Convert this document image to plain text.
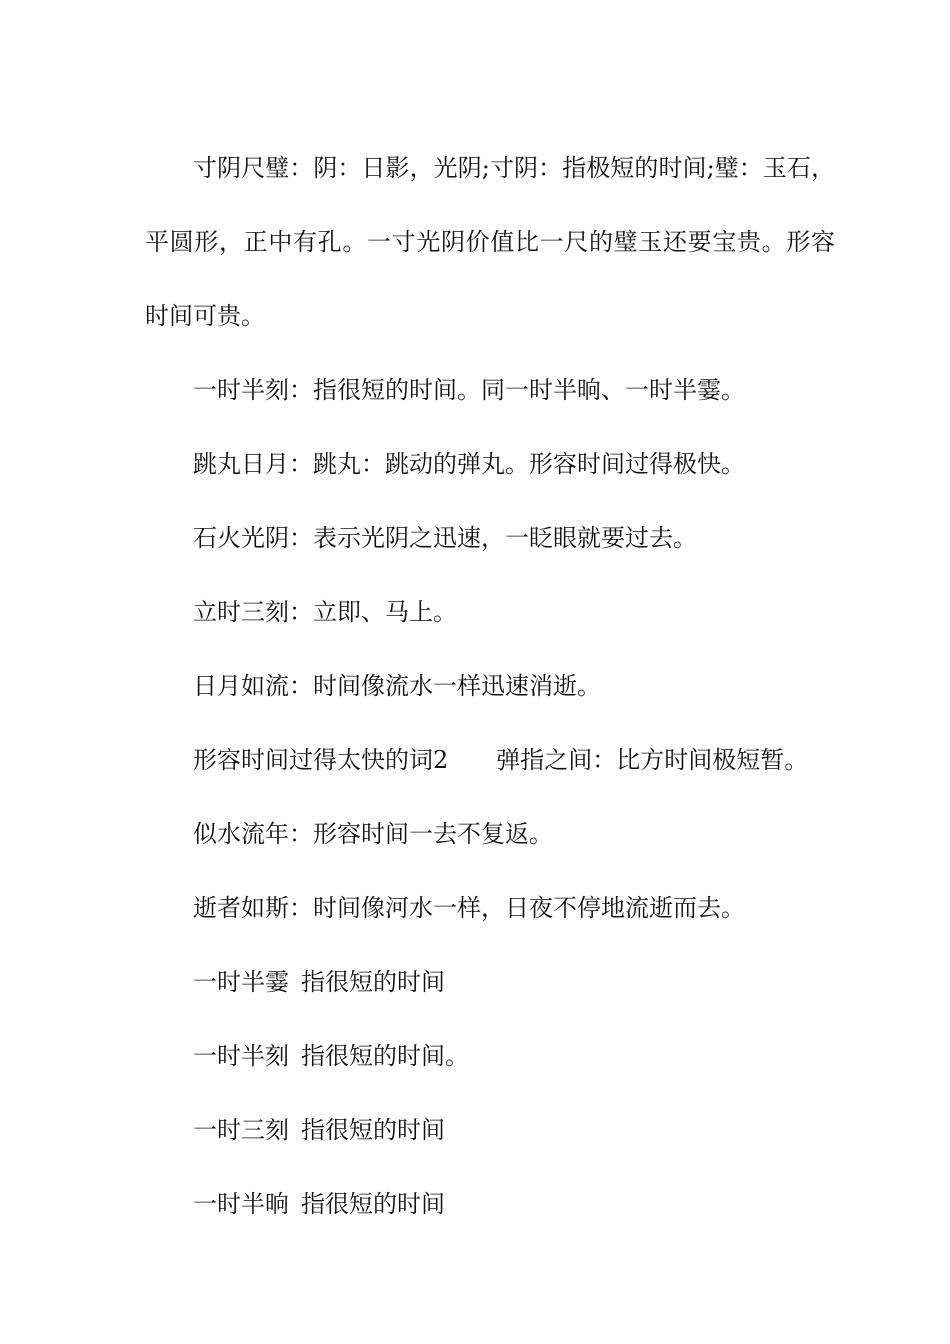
寸阴尺璧：阴：日影，光阴;寸阴：指极短的时间;璧：玉石，平圆形，正中有孔。一寸光阴价值比一尺的璧玉还要宝贵。形容时间可贵。

一时半刻：指很短的时间。同一时半晌、一时半霎。

跳丸日月：跳丸：跳动的弹丸。形容时间过得极快。

石火光阴：表示光阴之迅速，一眨眼就要过去。

立时三刻：立即、马上。

日月如流：时间像流水一样迅速消逝。

形容时间过得太快的词2 弹指之间：比方时间极短暂。

似水流年：形容时间一去不复返。

逝者如斯：时间像河水一样，日夜不停地流逝而去。

一时半霎 指很短的时间

一时半刻 指很短的时间。

一时三刻 指很短的时间

一时半晌 指很短的时间
